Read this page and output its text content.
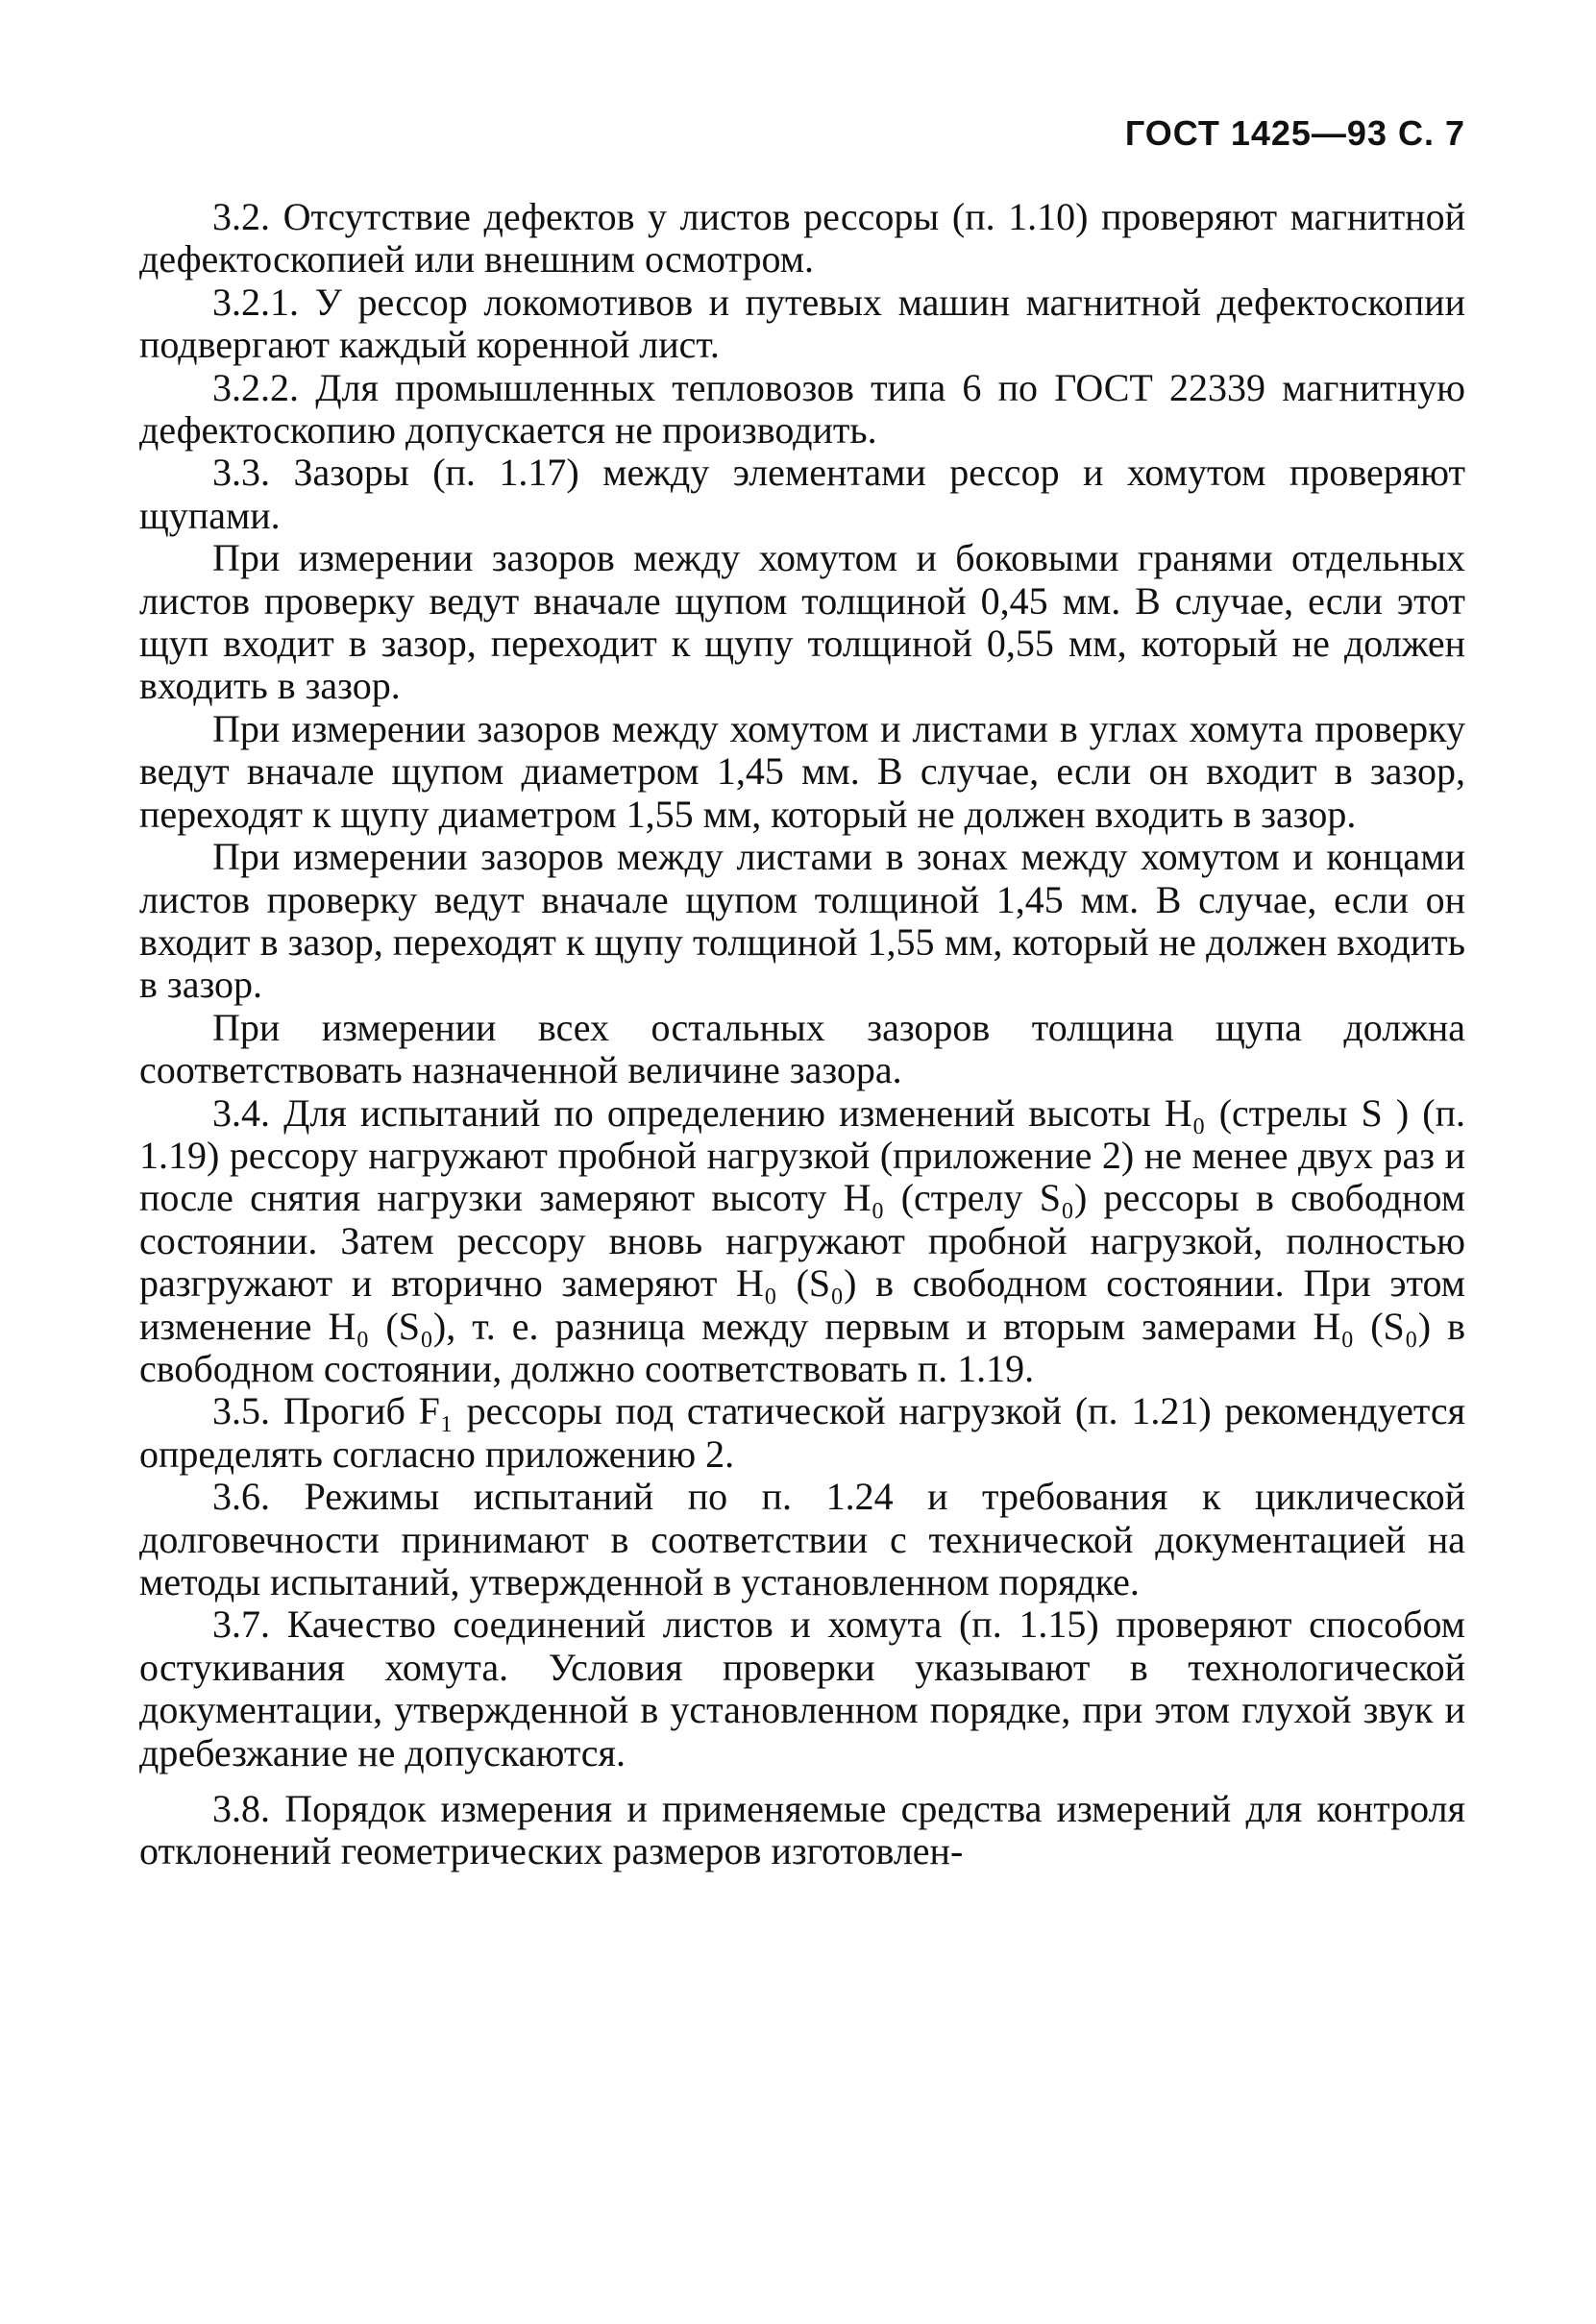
ГОСТ 1425—93 С. 7

3.2. Отсутствие дефектов у листов рессоры (п. 1.10) проверяют магнитной дефектоскопией или внешним осмотром.

3.2.1. У рессор локомотивов и путевых машин магнитной дефектоскопии подвергают каждый коренной лист.

3.2.2. Для промышленных тепловозов типа 6 по ГОСТ 22339 магнитную дефектоскопию допускается не производить.

3.3. Зазоры (п. 1.17) между элементами рессор и хомутом проверяют щупами.

При измерении зазоров между хомутом и боковыми гранями отдельных листов проверку ведут вначале щупом толщиной 0,45 мм. В случае, если этот щуп входит в зазор, переходит к щупу толщиной 0,55 мм, который не должен входить в зазор.

При измерении зазоров между хомутом и листами в углах хомута проверку ведут вначале щупом диаметром 1,45 мм. В случае, если он входит в зазор, переходят к щупу диаметром 1,55 мм, который не должен входить в зазор.

При измерении зазоров между листами в зонах между хомутом и концами листов проверку ведут вначале щупом толщиной 1,45 мм. В случае, если он входит в зазор, переходят к щупу толщиной 1,55 мм, который не должен входить в зазор.

При измерении всех остальных зазоров толщина щупа должна соответствовать назначенной величине зазора.

3.4. Для испытаний по определению изменений высоты H₀ (стрелы S ) (п. 1.19) рессору нагружают пробной нагрузкой (приложение 2) не менее двух раз и после снятия нагрузки замеряют высоту H₀ (стрелу S₀) рессоры в свободном состоянии. Затем рессору вновь нагружают пробной нагрузкой, полностью разгружают и вторично замеряют H₀ (S₀) в свободном состоянии. При этом изменение H₀ (S₀), т. е. разница между первым и вторым замерами H₀ (S₀) в свободном состоянии, должно соответствовать п. 1.19.

3.5. Прогиб F₁ рессоры под статической нагрузкой (п. 1.21) рекомендуется определять согласно приложению 2.

3.6. Режимы испытаний по п. 1.24 и требования к циклической долговечности принимают в соответствии с технической документацией на методы испытаний, утвержденной в установленном порядке.

3.7. Качество соединений листов и хомута (п. 1.15) проверяют способом остукивания хомута. Условия проверки указывают в технологической документации, утвержденной в установленном порядке, при этом глухой звук и дребезжание не допускаются.

3.8. Порядок измерения и применяемые средства измерений для контроля отклонений геометрических размеров изготовлен-
